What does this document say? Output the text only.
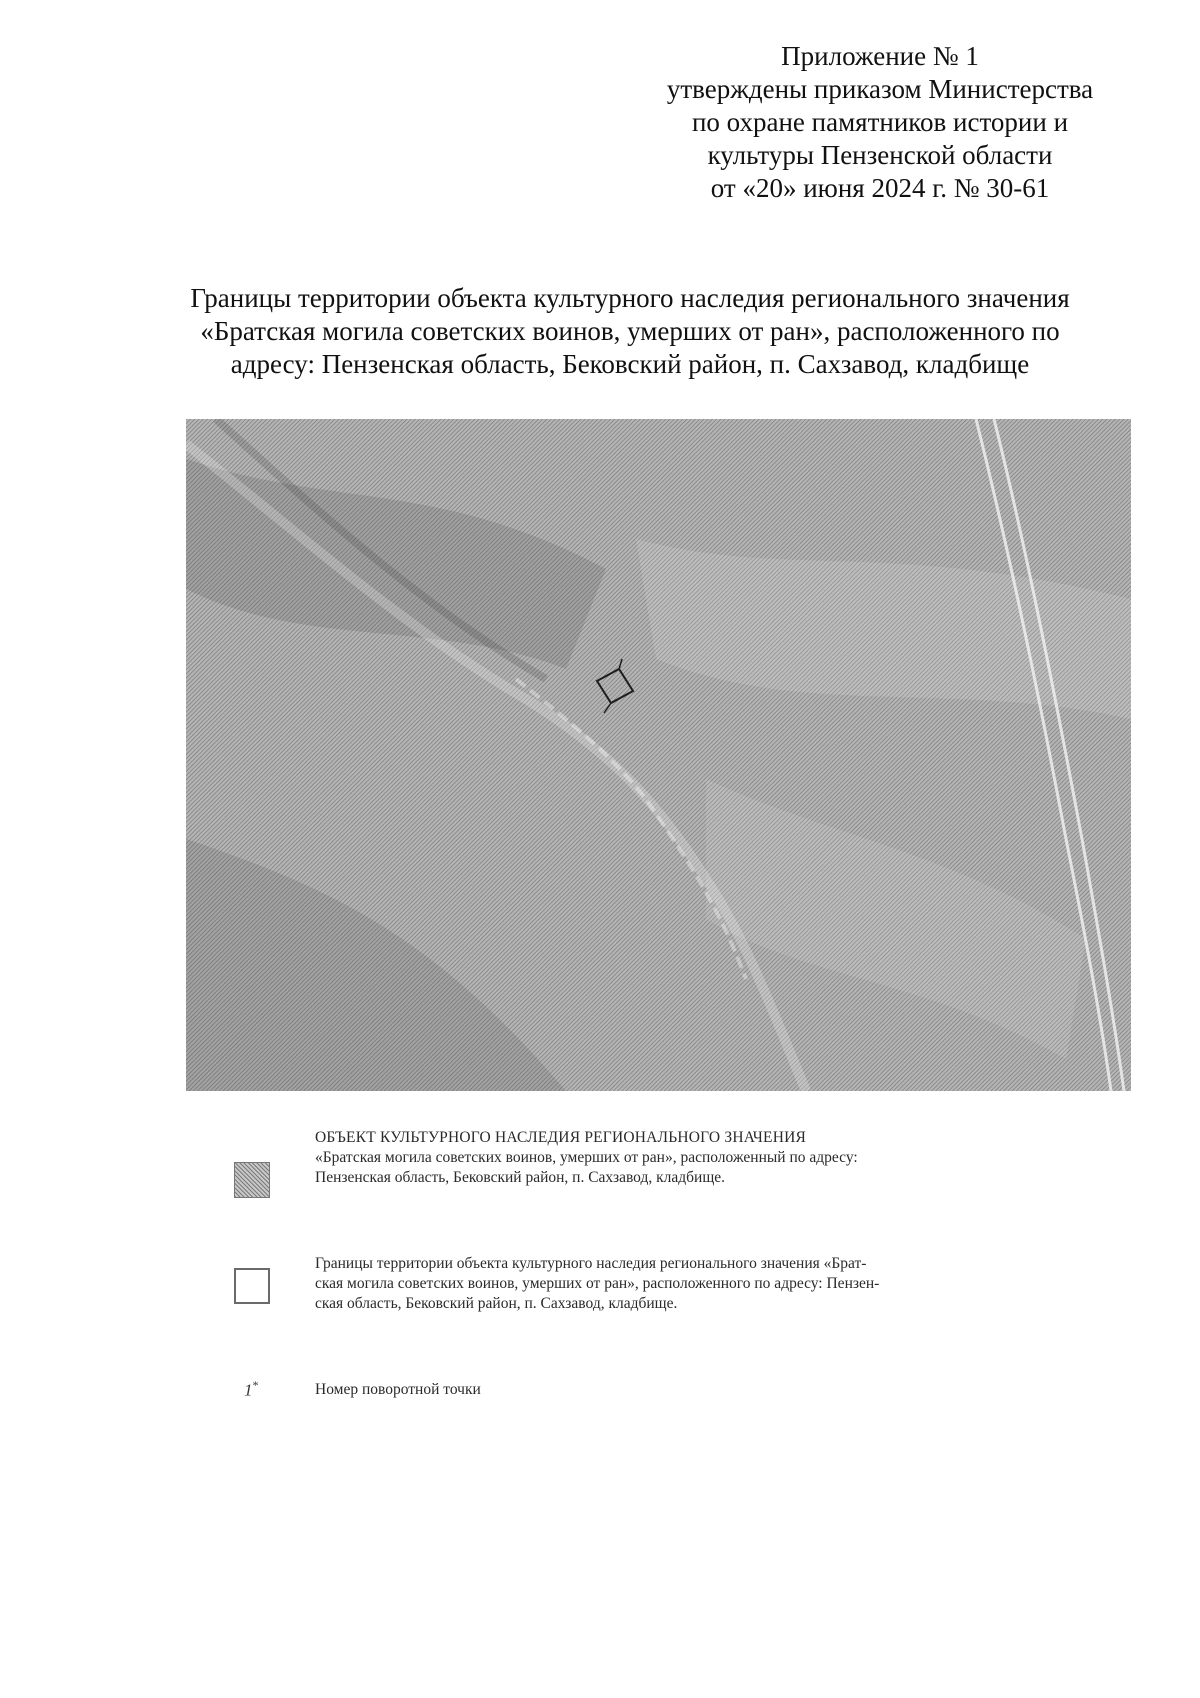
Приложение № 1
утверждены приказом Министерства
по охране памятников истории и
культуры Пензенской области
от «20» июня 2024 г. № 30-61
Границы территории объекта культурного наследия регионального значения
«Братская могила советских воинов, умерших от ран», расположенного по
адресу: Пензенская область, Бековский район, п. Сахзавод, кладбище
ОБЪЕКТ КУЛЬТУРНОГО НАСЛЕДИЯ РЕГИОНАЛЬНОГО ЗНАЧЕНИЯ
«Братская могила советских воинов, умерших от ран», расположенный по адресу:
Пензенская область, Бековский район, п. Сахзавод, кладбище.
Границы территории объекта культурного наследия регионального значения «Брат-
ская могила советских воинов, умерших от ран», расположенного по адресу: Пензен-
ская область, Бековский район, п. Сахзавод, кладбище.
1*	Номер поворотной точки
